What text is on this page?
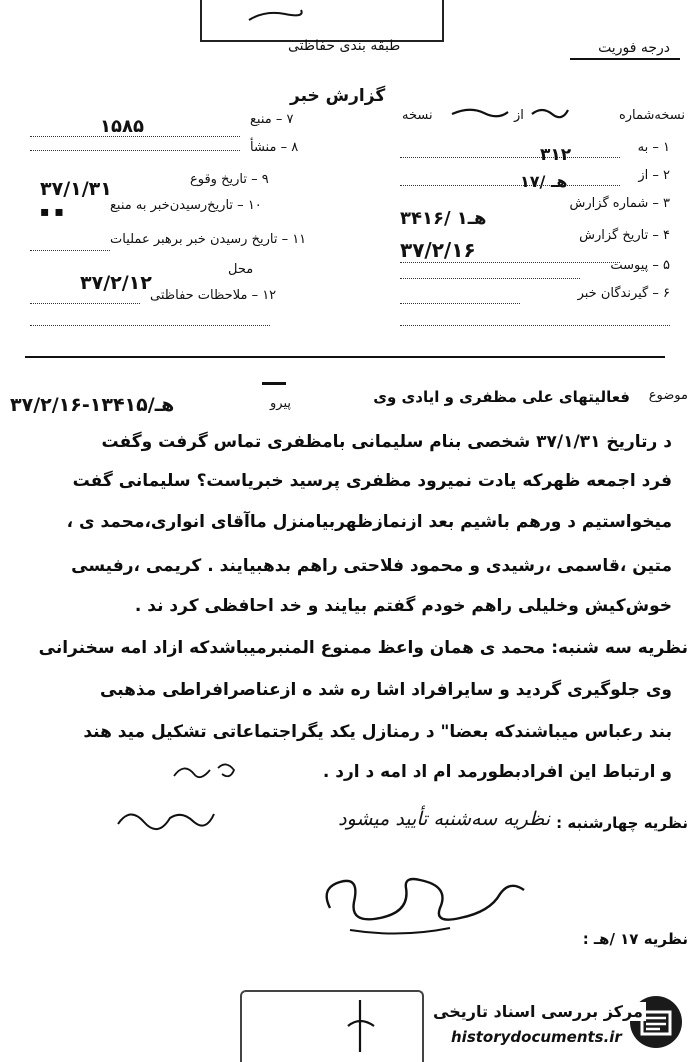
درجه فوریت
طبقه بندی حفاظتی
گزارش خبر
نسخه‌شماره
از
نسخه
۱ – به
۳۱۲
۲ – از
۱۷/ هـ
۳ – شماره گزارش
۳۴۱۶/ هـ۱
۴ – تاریخ گزارش
۳۷/۲/۱۶
۵ – پیوست
۶ – گیرندگان خبر
۷ – منبع
۱۵۸۵
۸ – منشأ
۹ – تاریخ وقوع
۳۷/۱/۳۱
۱۰ – تاریخ‌رسیدن‌خبر به منبع
▪ ▪
۱۱ – تاریخ رسیدن خبر برهبر عملیات
محل
۳۷/۲/۱۲
۱۲ – ملاحظات حفاظتی
موضوع
فعالیتهای علی مظفری و ایادی وی
پیرو
۳۷/۲/۱۶-۱هـ/۳۴۱۵
د رتاریخ ۳۷/۱/۳۱ شخصی بنام سلیمانی بامظفری تماس گرفت وگفت
فرد اجمعه ظهرکه یادت نمیرود مظفری پرسید خبریاست؟ سلیمانی گفت
میخواستیم د ورهم باشیم بعد ازنمازظهربیامنزل ماآقای انواری،محمد ی ،
متین ،قاسمی ،رشیدی و محمود فلاحتی راهم بدهبیایند . کریمی ،رفیسی
خوش‌کیش وخلیلی راهم خودم گفتم بیایند و خد احافظی کرد ند .
نظریه سه شنبه: محمد ی همان واعظ ممنوع المنبرمیباشدکه ازاد امه سخنرانی
وی جلوگیری گردید و سایرافراد اشا ره شد ه ازعناصرافراطی مذهبی
بند رعباس میباشندکه بعضا" د رمنازل یکد یگراجتماعاتی تشکیل مید هند
و ارتباط این افرادبطورمد ام اد امه د ارد .
نظریه چهارشنبه :
نظریه سه‌شنبه تأیید میشود
نظریه ۱۷ /هـ :
مرکز بررسی اسناد تاریخی
historydocuments.ir
